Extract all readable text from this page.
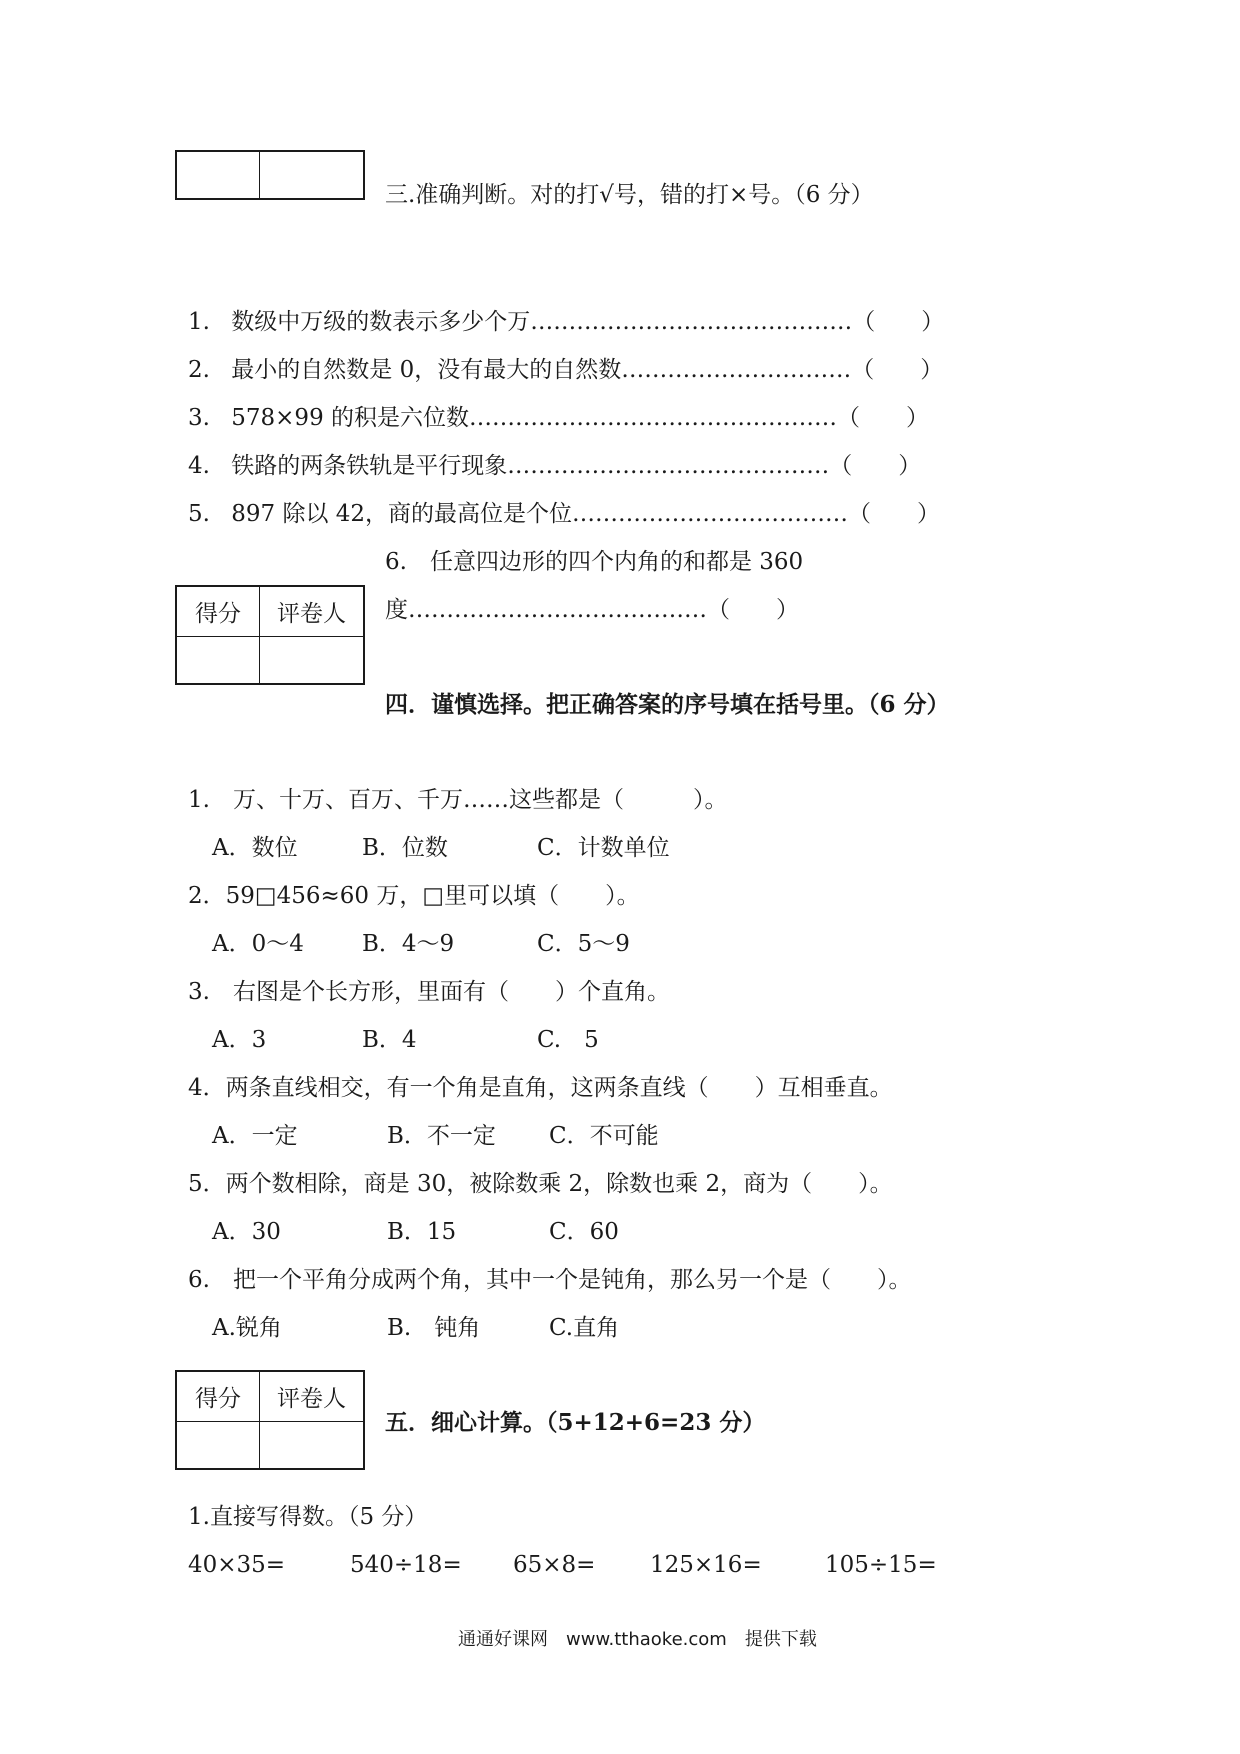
三.准确判断。对的打√号，错的打×号。（6 分）
1. 数级中万级的数表示多少个万……………………………………（　　）
2. 最小的自然数是 0，没有最大的自然数…………………………（　　）
3. 578×99 的积是六位数…………………………………………（　　）
4. 铁路的两条铁轨是平行现象……………………………………（　　）
5. 897 除以 42，商的最高位是个位………………………………（　　）
6.　任意四边形的四个内角的和都是 360
度…………………………………（　　）
得分	评卷人

四．谨慎选择。把正确答案的序号填在括号里。（6 分）
1.　万、十万、百万、千万……这些都是（　　　）。
A．数位	B．位数	C．计数单位
2．59□456≈60 万，□里可以填（　　）。
A．0～4	B．4～9	C．5～9
3.　右图是个长方形，里面有（　　）个直角。
A．3	B．4	C.　5
4．两条直线相交，有一个角是直角，这两条直线（　　）互相垂直。
A．一定	B．不一定 C．不可能
5．两个数相除，商是 30，被除数乘 2，除数也乘 2，商为（　　）。
A．30	B．15	C．60
6.　把一个平角分成两个角，其中一个是钝角，那么另一个是（　　）。
A.锐角	B.　钝角	C.直角
得分	评卷人

五．细心计算。（5+12+6=23 分）
1.直接写得数。（5 分）
40×35=	540÷18= 65×8= 125×16=	105÷15=
通通好课网　www.tthaoke.com　提供下载
